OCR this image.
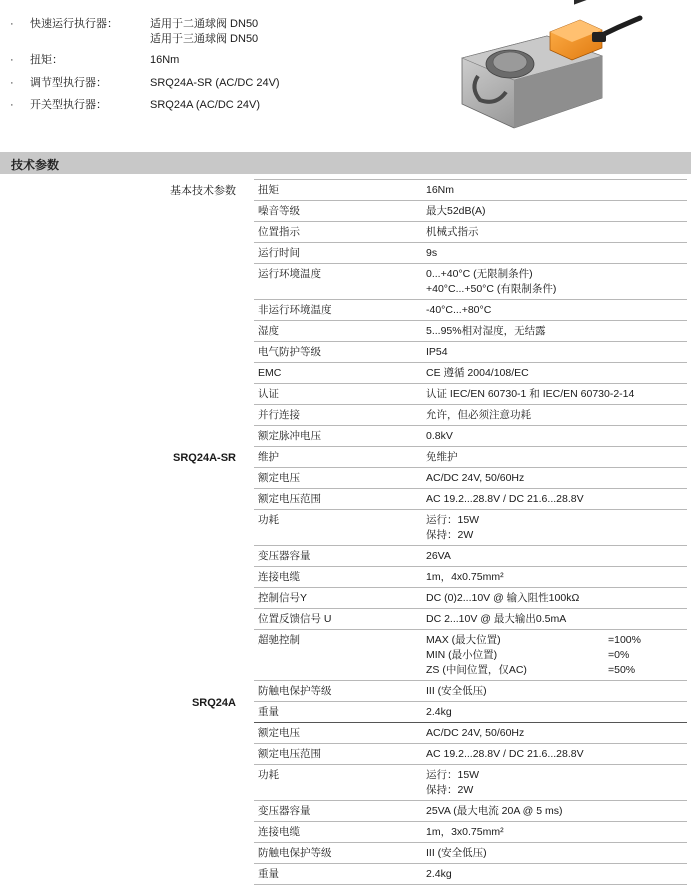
·	快速运行执行器：	适用于二通球阀 DN50
适用于三通球阀 DN50
·	扭矩：	16Nm
·	调节型执行器：	SRQ24A-SR (AC/DC 24V)
·	开关型执行器：	SRQ24A (AC/DC 24V)
技术参数
基本技术参数
SRQ24A-SR
SRQ24A
扭矩	16Nm

噪音等级	最大52dB(A)

位置指示	机械式指示

运行时间	9s

运行环境温度	0...+40°C (无限制条件)
+40°C...+50°C (有限制条件)

非运行环境温度	-40°C...+80°C

湿度	5...95%相对湿度，无结露

电气防护等级	IP54

EMC	CE 遵循 2004/108/EC

认证	认证 IEC/EN 60730-1 和 IEC/EN 60730-2-14

并行连接	允许，但必须注意功耗

额定脉冲电压	0.8kV

维护	免维护

额定电压	AC/DC 24V, 50/60Hz

额定电压范围	AC 19.2...28.8V / DC 21.6...28.8V

功耗	运行：15W
保持：2W

变压器容量	26VA

连接电缆	1m，4x0.75mm²

控制信号Y	DC (0)2...10V @ 输入阻性100kΩ

位置反馈信号 U	DC 2...10V @ 最大输出0.5mA

超驰控制	MAX (最大位置) =100%
MIN (最小位置) =0%
ZS (中间位置，仅AC) =50%

防触电保护等级	III (安全低压)

重量	2.4kg

额定电压	AC/DC 24V, 50/60Hz

额定电压范围	AC 19.2...28.8V / DC 21.6...28.8V

功耗	运行：15W
保持：2W

变压器容量	25VA (最大电流 20A @ 5 ms)

连接电缆	1m，3x0.75mm²

防触电保护等级	III (安全低压)

重量	2.4kg
